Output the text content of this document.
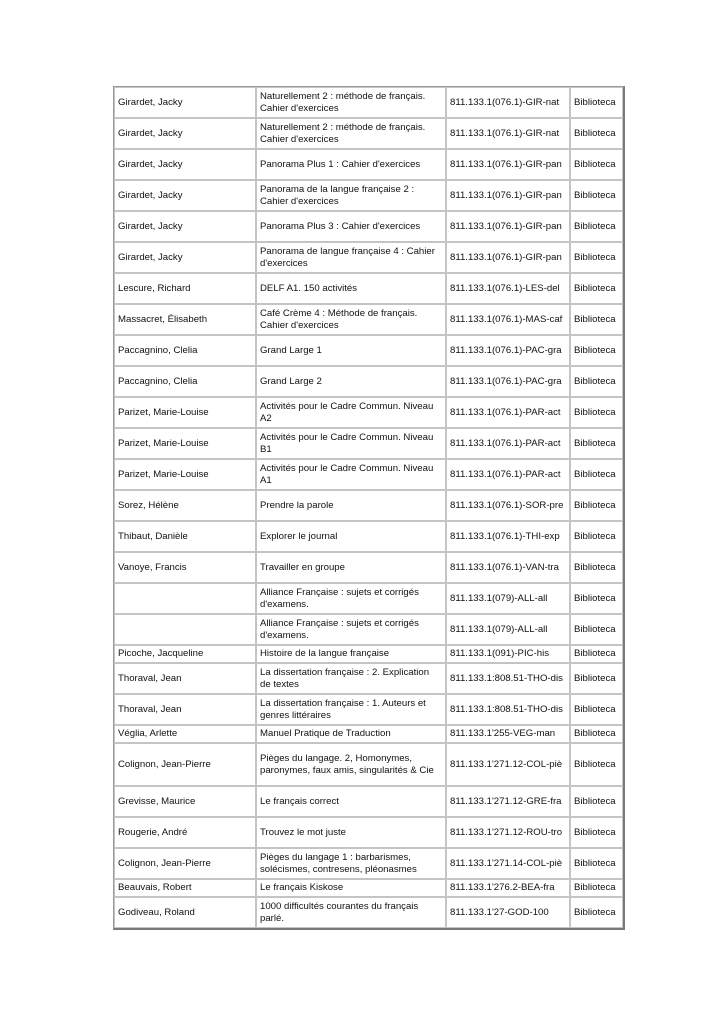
Girardet, Jacky	Naturellement 2 : méthode de français. Cahier d'exercices	811.133.1(076.1)-GIR-nat	Biblioteca
Girardet, Jacky	Naturellement 2 : méthode de français. Cahier d'exercices	811.133.1(076.1)-GIR-nat	Biblioteca
Girardet, Jacky	Panorama Plus 1 : Cahier d'exercices	811.133.1(076.1)-GIR-pan	Biblioteca
Girardet, Jacky	Panorama de la langue française 2 : Cahier d'exercices	811.133.1(076.1)-GIR-pan	Biblioteca
Girardet, Jacky	Panorama Plus 3 : Cahier d'exercices	811.133.1(076.1)-GIR-pan	Biblioteca
Girardet, Jacky	Panorama de langue française 4 : Cahier d'exercices	811.133.1(076.1)-GIR-pan	Biblioteca
Lescure, Richard	DELF A1. 150 activités	811.133.1(076.1)-LES-del	Biblioteca
Massacret, Élisabeth	Café Crème 4 : Méthode de français. Cahier d'exercices	811.133.1(076.1)-MAS-caf	Biblioteca
Paccagnino, Clelia	Grand Large 1	811.133.1(076.1)-PAC-gra	Biblioteca
Paccagnino, Clelia	Grand Large 2	811.133.1(076.1)-PAC-gra	Biblioteca
Parizet, Marie-Louise	Activités pour le Cadre Commun. Niveau A2	811.133.1(076.1)-PAR-act	Biblioteca
Parizet, Marie-Louise	Activités pour le Cadre Commun. Niveau B1	811.133.1(076.1)-PAR-act	Biblioteca
Parizet, Marie-Louise	Activités pour le Cadre Commun. Niveau A1	811.133.1(076.1)-PAR-act	Biblioteca
Sorez, Hélène	Prendre la parole	811.133.1(076.1)-SOR-pre	Biblioteca
Thibaut, Danièle	Explorer le journal	811.133.1(076.1)-THI-exp	Biblioteca
Vanoye, Francis	Travailler en groupe	811.133.1(076.1)-VAN-tra	Biblioteca
	Alliance Française : sujets et corrigés d'examens.	811.133.1(079)-ALL-all	Biblioteca
	Alliance Française : sujets et corrigés d'examens.	811.133.1(079)-ALL-all	Biblioteca
Picoche, Jacqueline	Histoire de la langue française	811.133.1(091)-PIC-his	Biblioteca
Thoraval, Jean	La dissertation française : 2. Explication de textes	811.133.1:808.51-THO-dis	Biblioteca
Thoraval, Jean	La dissertation française : 1. Auteurs et genres littéraires	811.133.1:808.51-THO-dis	Biblioteca
Véglia, Arlette	Manuel Pratique de Traduction	811.133.1'255-VEG-man	Biblioteca
Colignon, Jean-Pierre	Pièges du langage. 2, Homonymes, paronymes, faux amis, singularités & Cie	811.133.1'271.12-COL-piè	Biblioteca
Grevisse, Maurice	Le français correct	811.133.1'271.12-GRE-fra	Biblioteca
Rougerie, André	Trouvez le mot juste	811.133.1'271.12-ROU-tro	Biblioteca
Colignon, Jean-Pierre	Pièges du langage 1 : barbarismes, solécismes, contresens, pléonasmes	811.133.1'271.14-COL-piè	Biblioteca
Beauvais, Robert	Le français Kiskose	811.133.1'276.2-BEA-fra	Biblioteca
Godiveau, Roland	1000 difficultés courantes du français parlé.	811.133.1'27-GOD-100	Biblioteca
